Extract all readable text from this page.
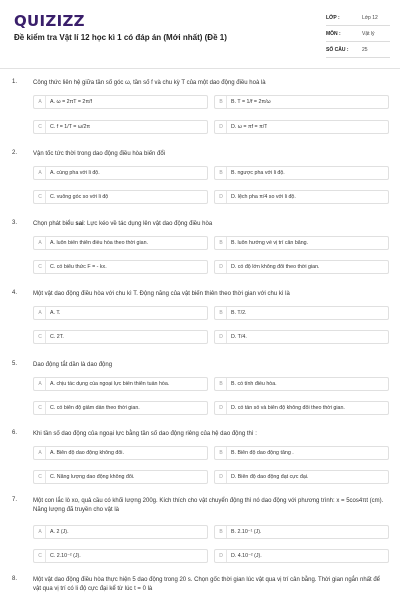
QUIZIZZ
Đề kiểm tra Vật lí 12 học kì 1 có đáp án (Mới nhất) (Đề 1)
LỚP :	Lớp 12
MÔN :	Vật lý
SỐ CÂU :	25
1.	Công thức liên hệ giữa tần số góc ω, tần số f và chu kỳ T của một dao động điều hoà là
A	A. ω = 2πT = 2π/f	B	B. T = 1/f = 2π/ω
C	C. f = 1/T = ω/2π	D	D. ω = πf = π/T
2.	Vận tốc tức thời trong dao động điều hòa biến đổi
A	A. cùng pha với li độ.	B	B. ngược pha với li độ.
C	C. vuông góc so với li độ	D	D. lệch pha π/4 so với li độ.
3.	Chọn phát biểu sai: Lực kéo về tác dụng lên vật dao động điều hòa
A	A. luôn biến thiên điều hòa theo thời gian.	B	B. luôn hướng về vị trí cân bằng.
C	C. có biểu thức F = - kx.	D	D. có độ lớn không đổi theo thời gian.
4.	Một vật dao động điều hòa với chu kì T. Động năng của vật biến thiên theo thời gian với chu kì là
A	A. T.	B	B. T/2.
C	C. 2T.	D	D. T/4.
5.	Dao động tắt dần là dao động
A	A. chịu tác dụng của ngoại lực biến thiên tuần hòa.	B	B. có tính điều hòa.
C	C. có biên độ giảm dần theo thời gian.	D	D. có tần số và biên độ không đổi theo thời gian.
6.	Khi tần số dao động của ngoại lực bằng tần số dao động riêng của hệ dao động thì :
A	A. Biên độ dao động không đổi.	B	B. Biên độ dao động tăng .
C	C. Năng lượng dao động không đổi.	D	D. Biên độ dao động đạt cực đại.
7.	Một con lắc lò xo, quả cầu có khối lượng 200g. Kích thích cho vật chuyển động thì nó dao động với phương trình: x = 5cos4πt (cm). Năng lượng đã truyền cho vật là
A	A. 2 (J).	B	B. 2.10⁻¹ (J).
C	C. 2.10⁻² (J).	D	D. 4.10⁻² (J).
8.	Một vật dao động điều hòa thực hiện 5 dao động trong 20 s. Chọn gốc thời gian lúc vật qua vị trí cân bằng. Thời gian ngắn nhất để vật qua vị trí có li độ cực đại kể từ lúc t = 0 là
